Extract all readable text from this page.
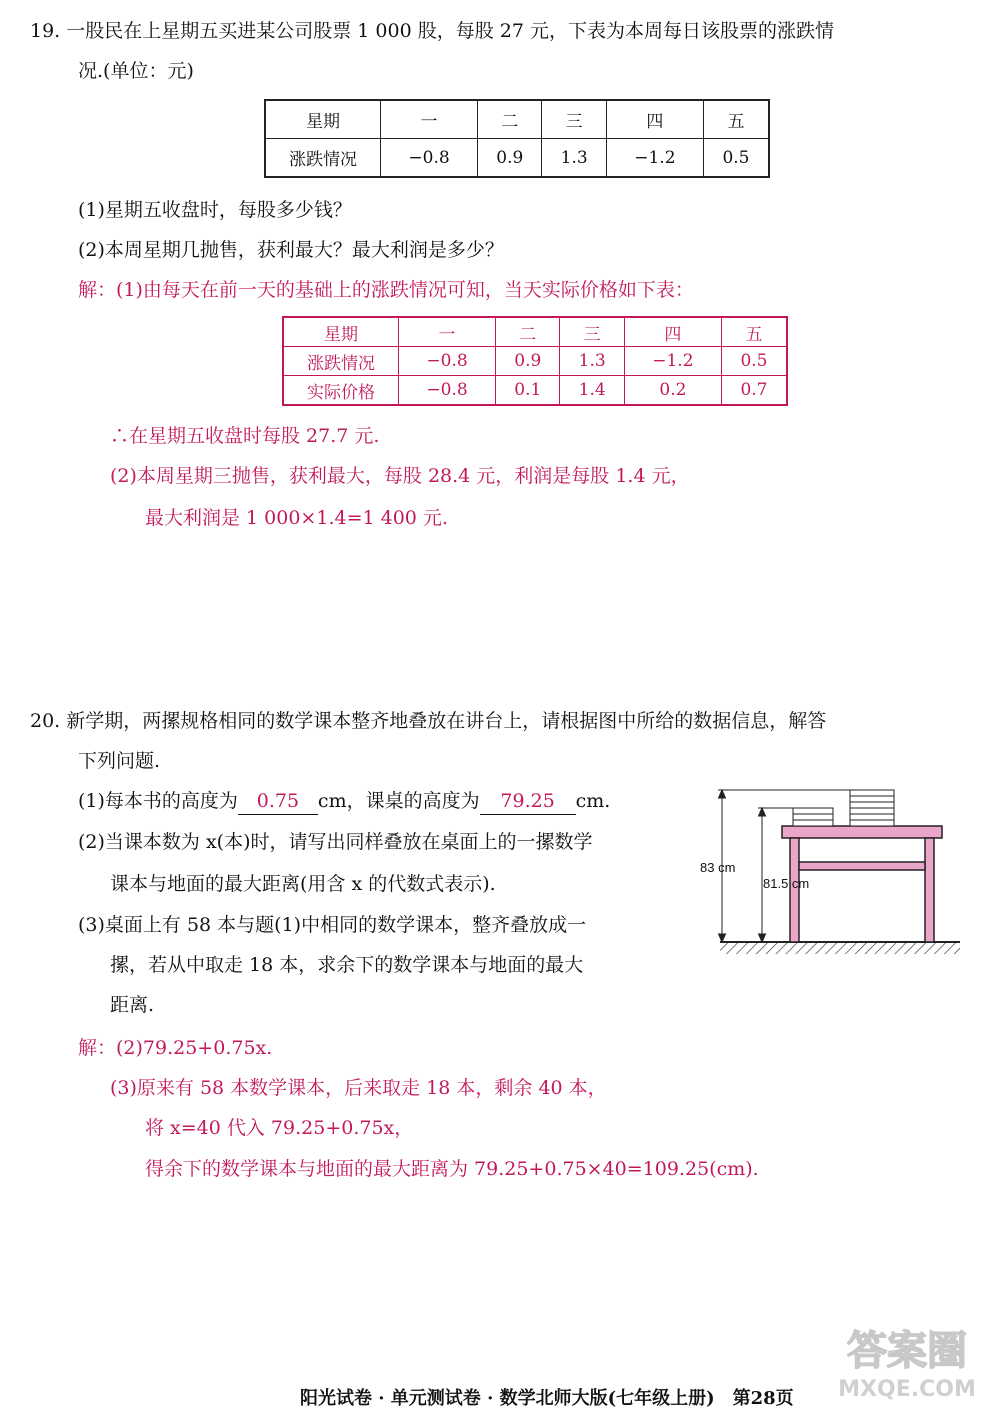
19. 一股民在上星期五买进某公司股票 1 000 股，每股 27 元，下表为本周每日该股票的涨跌情
况.(单位：元)
星期	一	二	三	四	五
涨跌情况	−0.8	0.9	1.3	−1.2	0.5
(1)星期五收盘时，每股多少钱？
(2)本周星期几抛售，获利最大？最大利润是多少？
解：(1)由每天在前一天的基础上的涨跌情况可知，当天实际价格如下表：
星期	一	二	三	四	五
涨跌情况	−0.8	0.9	1.3	−1.2	0.5
实际价格	−0.8	0.1	1.4	0.2	0.7
∴在星期五收盘时每股 27.7 元.
(2)本周星期三抛售，获利最大，每股 28.4 元，利润是每股 1.4 元，
最大利润是 1 000×1.4=1 400 元.
20. 新学期，两摞规格相同的数学课本整齐地叠放在讲台上，请根据图中所给的数据信息，解答
下列问题.
(1)每本书的高度为 0.75 cm，课桌的高度为 79.25 cm.
(2)当课本数为 x(本)时，请写出同样叠放在桌面上的一摞数学
课本与地面的最大距离(用含 x 的代数式表示).
(3)桌面上有 58 本与题(1)中相同的数学课本，整齐叠放成一
摞，若从中取走 18 本，求余下的数学课本与地面的最大
距离.
83 cm
81.5 cm
解：(2)79.25+0.75x.
(3)原来有 58 本数学课本，后来取走 18 本，剩余 40 本，
将 x=40 代入 79.25+0.75x，
得余下的数学课本与地面的最大距离为 79.25+0.75×40=109.25(cm).
答案圈
MXQE.COM
阳光试卷 · 单元测试卷 · 数学北师大版(七年级上册)　第28页
